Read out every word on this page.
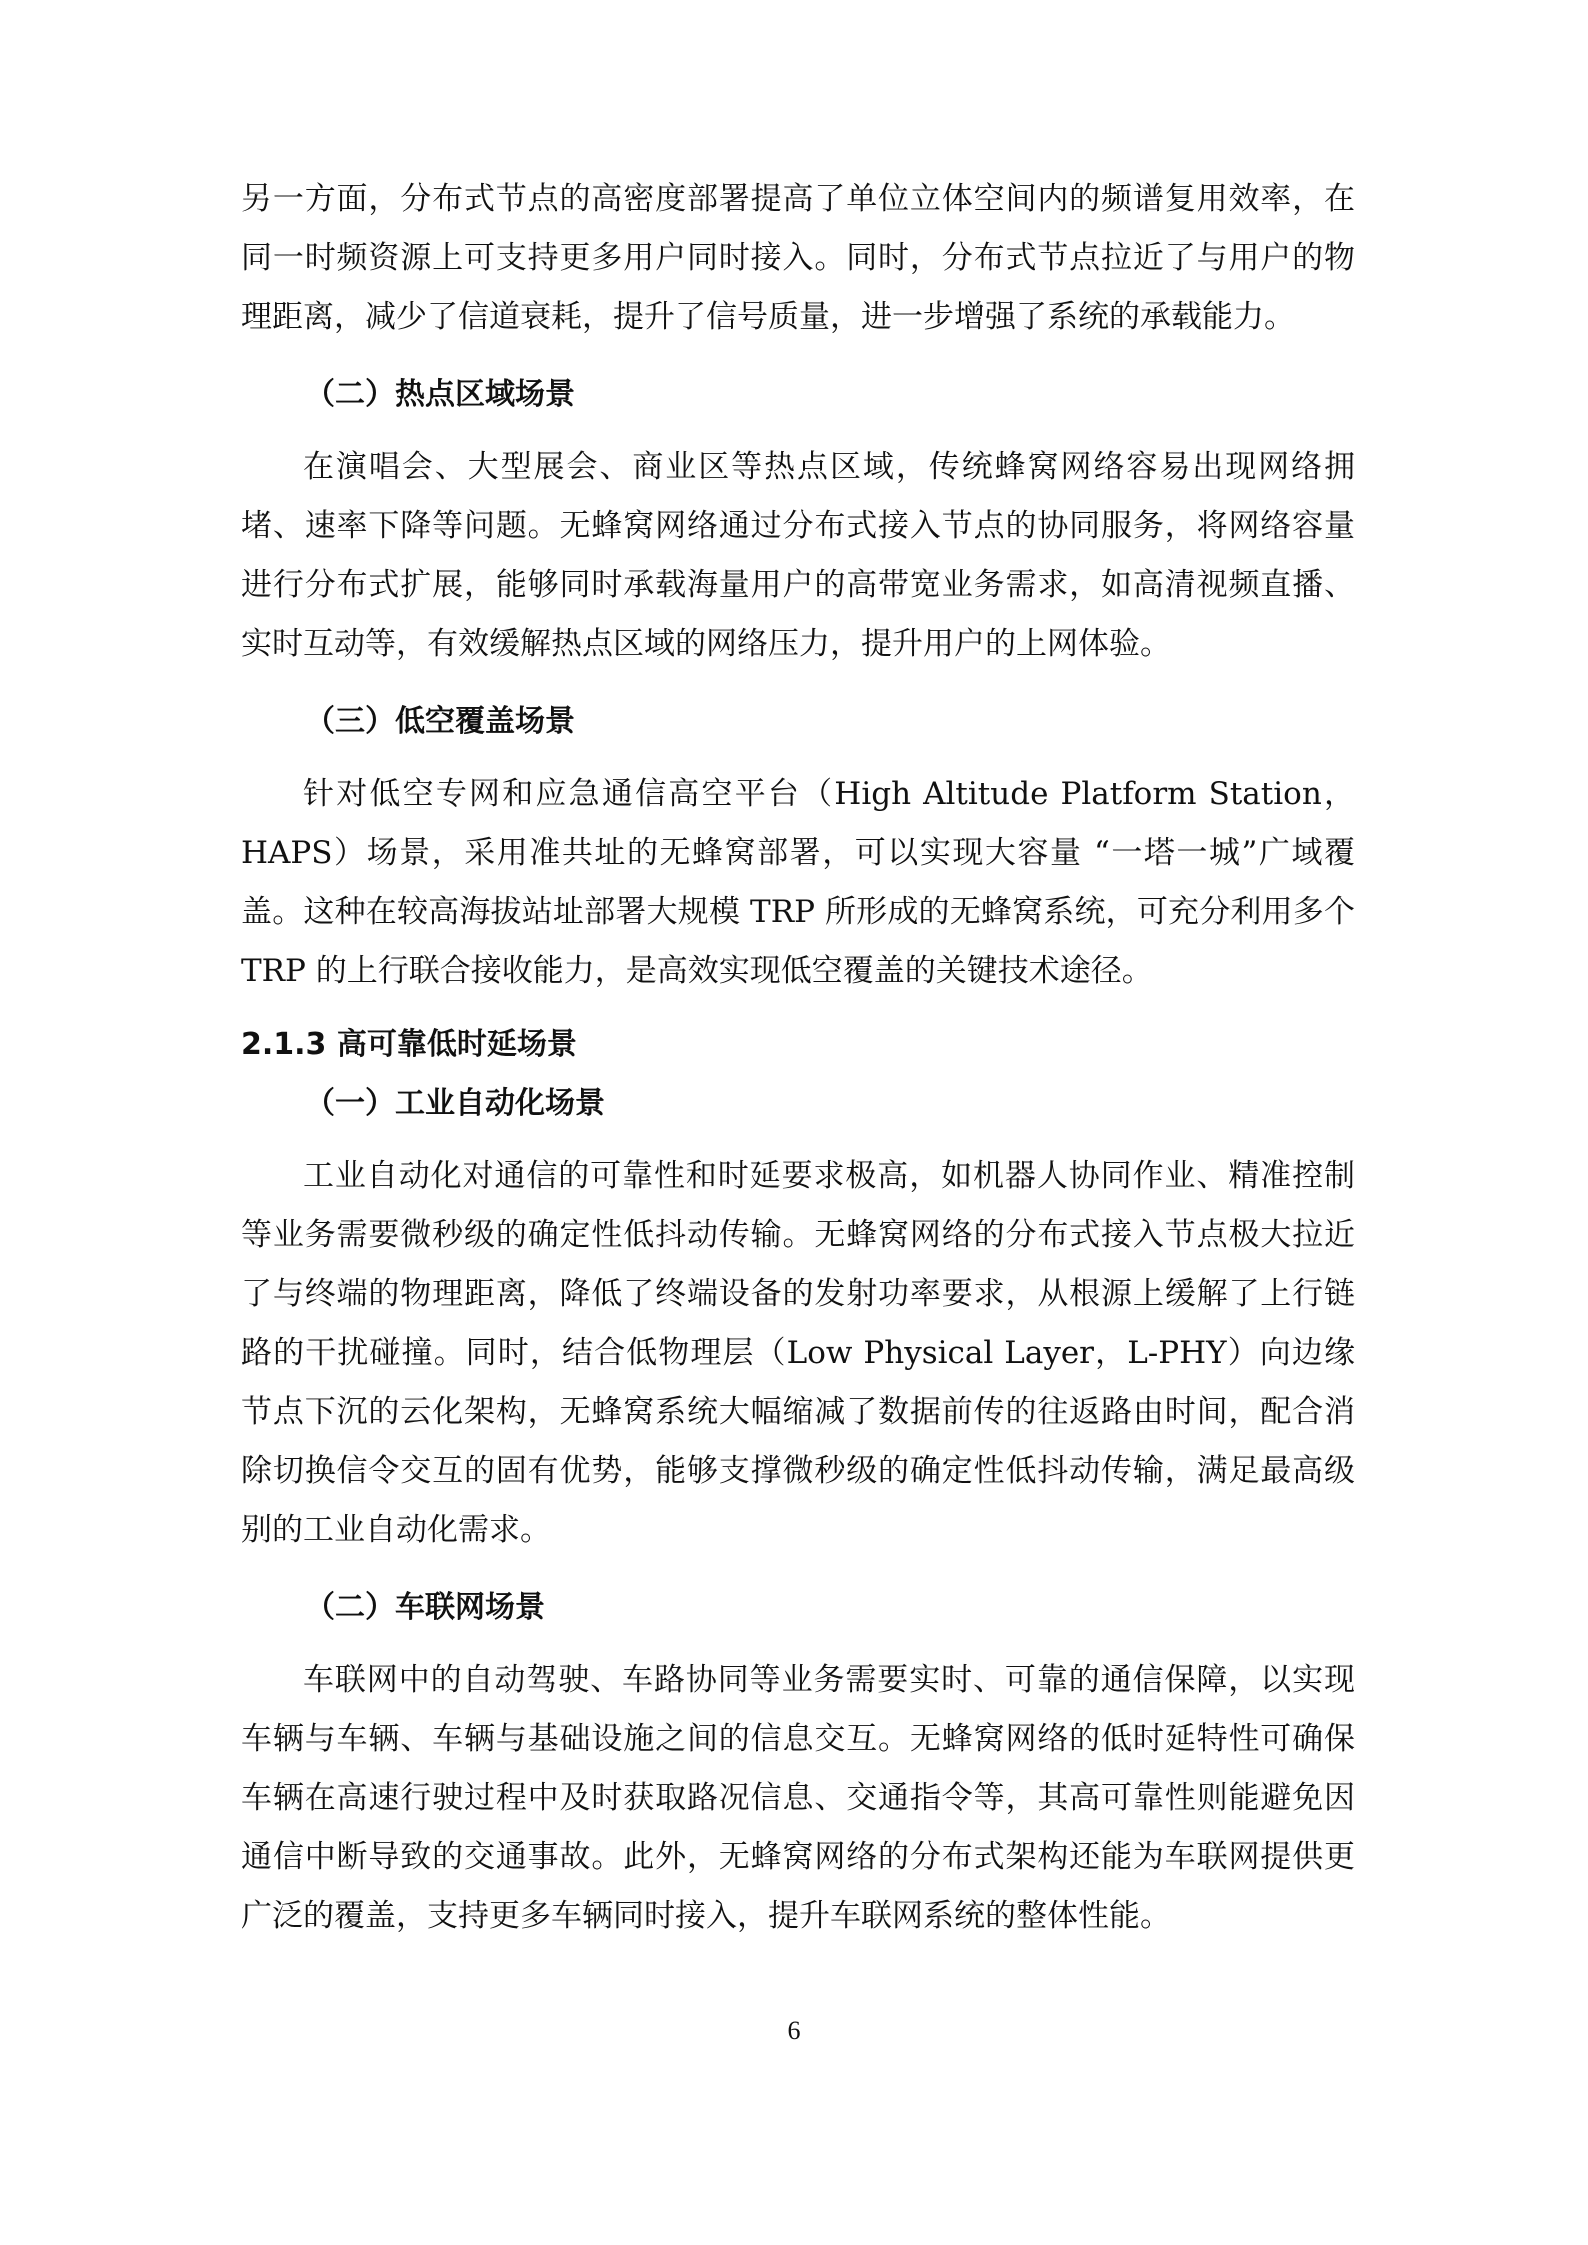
另一方面，分布式节点的高密度部署提高了单位立体空间内的频谱复用效率，在同一时频资源上可支持更多用户同时接入。同时，分布式节点拉近了与用户的物理距离，减少了信道衰耗，提升了信号质量，进一步增强了系统的承载能力。

（二）热点区域场景

在演唱会、大型展会、商业区等热点区域，传统蜂窝网络容易出现网络拥堵、速率下降等问题。无蜂窝网络通过分布式接入节点的协同服务，将网络容量进行分布式扩展，能够同时承载海量用户的高带宽业务需求，如高清视频直播、实时互动等，有效缓解热点区域的网络压力，提升用户的上网体验。

（三）低空覆盖场景

针对低空专网和应急通信高空平台（High Altitude Platform Station，HAPS）场景，采用准共址的无蜂窝部署，可以实现大容量 “一塔一城”广域覆盖。这种在较高海拔站址部署大规模 TRP 所形成的无蜂窝系统，可充分利用多个 TRP 的上行联合接收能力，是高效实现低空覆盖的关键技术途径。

2.1.3 高可靠低时延场景

（一）工业自动化场景

工业自动化对通信的可靠性和时延要求极高，如机器人协同作业、精准控制等业务需要微秒级的确定性低抖动传输。无蜂窝网络的分布式接入节点极大拉近了与终端的物理距离，降低了终端设备的发射功率要求，从根源上缓解了上行链路的干扰碰撞。同时，结合低物理层（Low Physical Layer，L-PHY）向边缘节点下沉的云化架构，无蜂窝系统大幅缩减了数据前传的往返路由时间，配合消除切换信令交互的固有优势，能够支撑微秒级的确定性低抖动传输，满足最高级别的工业自动化需求。

（二）车联网场景

车联网中的自动驾驶、车路协同等业务需要实时、可靠的通信保障，以实现车辆与车辆、车辆与基础设施之间的信息交互。无蜂窝网络的低时延特性可确保车辆在高速行驶过程中及时获取路况信息、交通指令等，其高可靠性则能避免因通信中断导致的交通事故。此外，无蜂窝网络的分布式架构还能为车联网提供更广泛的覆盖，支持更多车辆同时接入，提升车联网系统的整体性能。

6
